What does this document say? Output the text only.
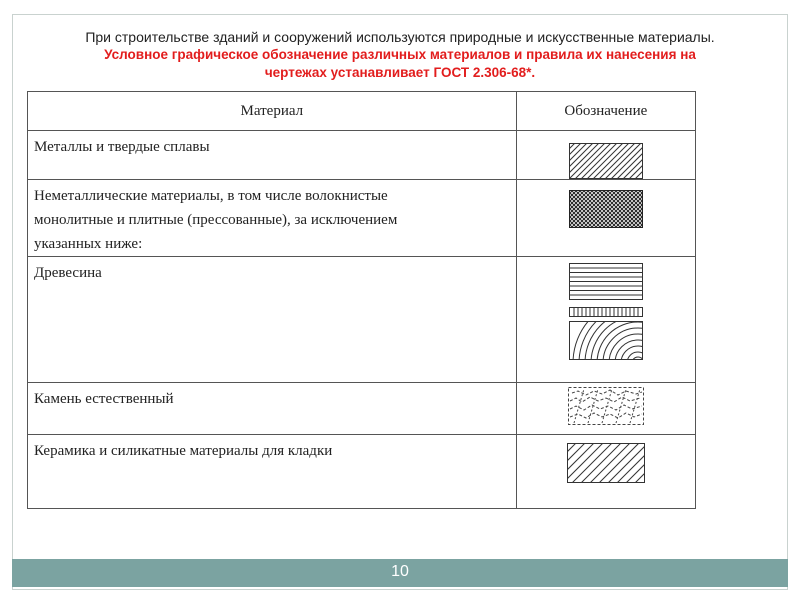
При строительстве зданий и сооружений используются природные и искусственные материалы.
Условное графическое обозначение различных материалов и правила их нанесения на
чертежах устанавливает ГОСТ 2.306-68*.
Материал	Обозначение

Металлы и твердые сплавы

Неметаллические материалы, в том числе волокнистые
монолитные и плитные (прессованные), за исключением
указанных ниже:

Древесина

Камень естественный

Керамика и силикатные материалы для кладки

10
